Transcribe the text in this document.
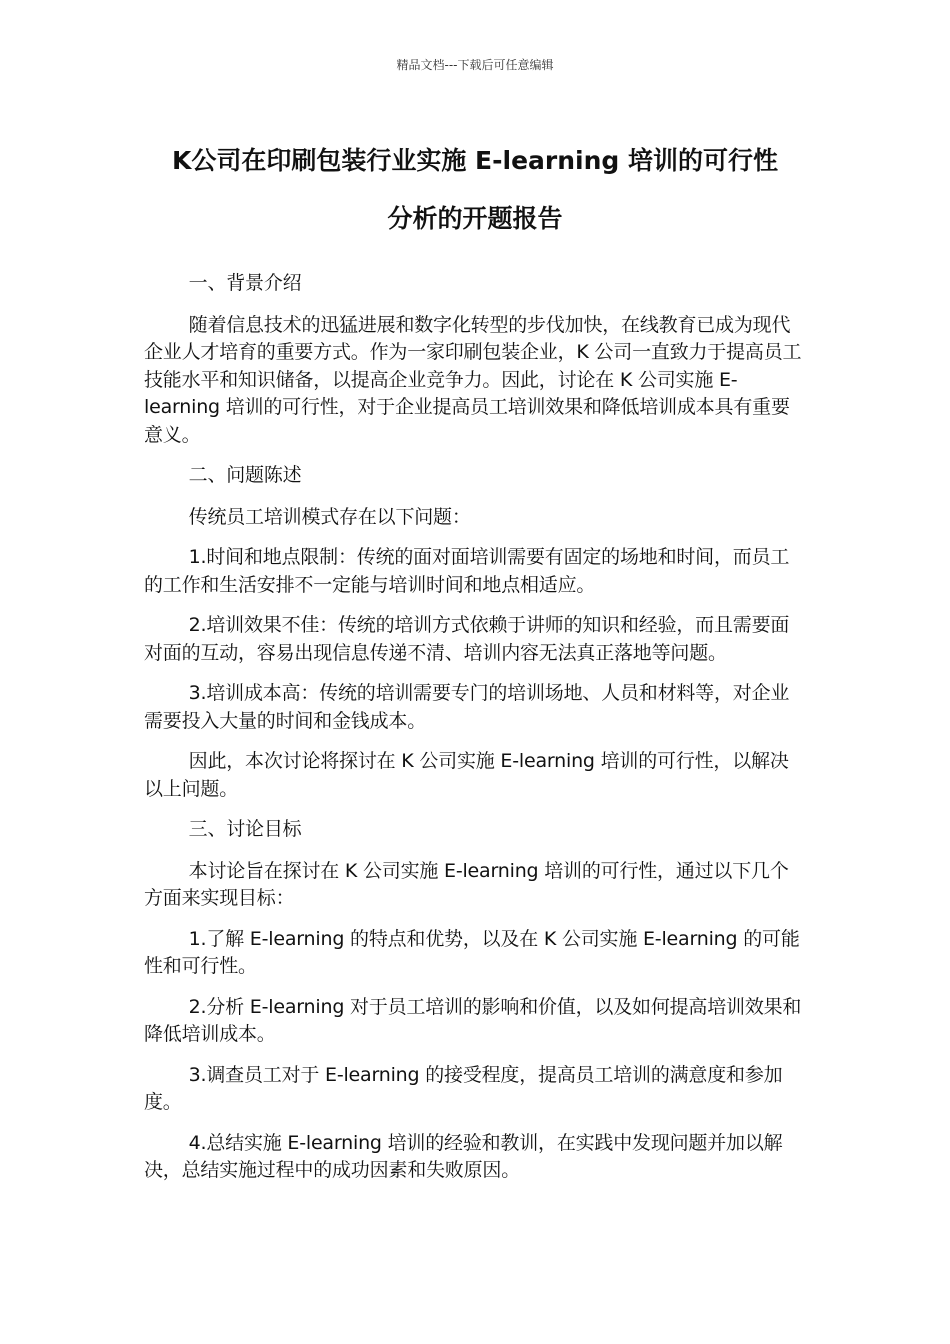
精品文档---下载后可任意编辑
K公司在印刷包装行业实施 E-learning 培训的可行性
分析的开题报告

一、背景介绍

随着信息技术的迅猛进展和数字化转型的步伐加快，在线教育已成为现代企业人才培育的重要方式。作为一家印刷包装企业，K 公司一直致力于提高员工技能水平和知识储备，以提高企业竞争力。因此，讨论在 K 公司实施 E-learning 培训的可行性，对于企业提高员工培训效果和降低培训成本具有重要意义。

二、问题陈述

传统员工培训模式存在以下问题：

1.时间和地点限制：传统的面对面培训需要有固定的场地和时间，而员工的工作和生活安排不一定能与培训时间和地点相适应。

2.培训效果不佳：传统的培训方式依赖于讲师的知识和经验，而且需要面对面的互动，容易出现信息传递不清、培训内容无法真正落地等问题。

3.培训成本高：传统的培训需要专门的培训场地、人员和材料等，对企业需要投入大量的时间和金钱成本。

因此，本次讨论将探讨在 K 公司实施 E-learning 培训的可行性，以解决以上问题。

三、讨论目标

本讨论旨在探讨在 K 公司实施 E-learning 培训的可行性，通过以下几个方面来实现目标：

1.了解 E-learning 的特点和优势，以及在 K 公司实施 E-learning 的可能性和可行性。

2.分析 E-learning 对于员工培训的影响和价值，以及如何提高培训效果和降低培训成本。

3.调查员工对于 E-learning 的接受程度，提高员工培训的满意度和参加度。

4.总结实施 E-learning 培训的经验和教训，在实践中发现问题并加以解决，总结实施过程中的成功因素和失败原因。
